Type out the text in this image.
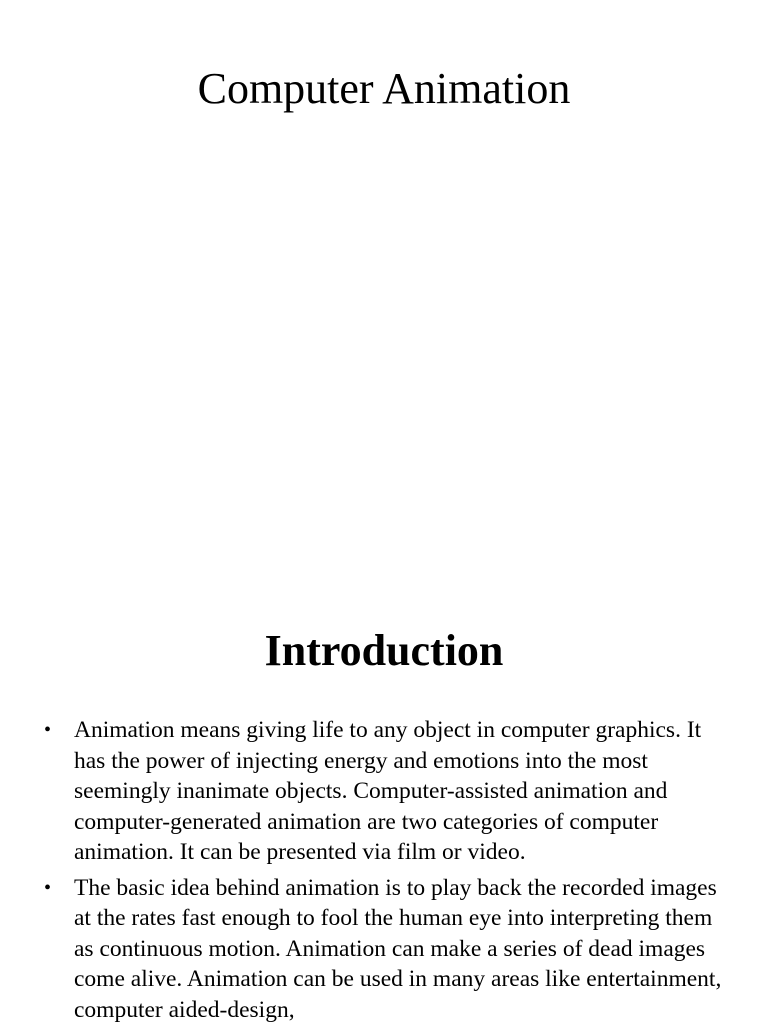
Computer Animation
Introduction
• Animation means giving life to any object in computer graphics. It has the power of injecting energy and emotions into the most seemingly inanimate objects. Computer-assisted animation and computer-generated animation are two categories of computer animation. It can be presented via film or video.
• The basic idea behind animation is to play back the recorded images at the rates fast enough to fool the human eye into interpreting them as continuous motion. Animation can make a series of dead images come alive. Animation can be used in many areas like entertainment, computer aided-design,
